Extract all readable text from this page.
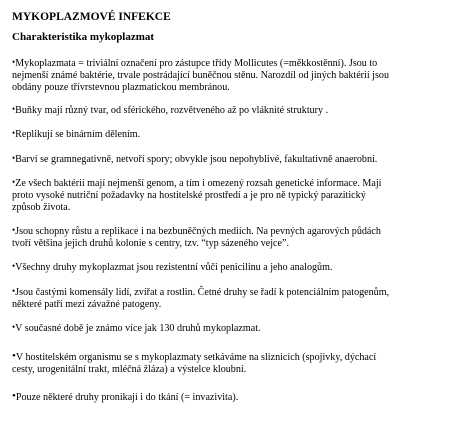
MYKOPLAZMOVÉ INFEKCE
Charakteristika mykoplazmat
•Mykoplazmata = triviální označení pro zástupce třídy Mollicutes (=měkkostěnní). Jsou to
nejmenší známé baktérie, trvale postrádající buněčnou stěnu. Narozdíl od jiných baktérií jsou
obdány pouze třívrstevnou plazmatickou membránou.
•Buňky mají různý tvar, od sférického, rozvětveného až po vláknité struktury .
•Replikují se binárním dělením.
•Barví se gramnegativně, netvoří spory; obvykle jsou nepohyblivé, fakultativně anaerobní.
•Ze všech baktérií mají nejmenší genom, a tím i omezený rozsah genetické informace. Mají
proto vysoké nutriční požadavky na hostitelské prostředí a je pro ně typický parazitický
způsob života.
•Jsou schopny růstu a replikace i na bezbuněčných mediích. Na pevných agarových půdách
tvoří většina jejich druhů kolonie s centry, tzv. “typ sázeného vejce”.
•Všechny druhy mykoplazmat jsou rezistentní vůči penicilinu a jeho analogům.
•Jsou častými komensály lidí, zvířat a rostlin. Četné druhy se řadí k potenciálním patogenům,
některé patří mezi závažné patogeny.
•V současné době je známo více jak 130 druhů mykoplazmat.
•V hostitelském organismu se s mykoplazmaty setkáváme na sliznicích (spojivky, dýchací
cesty, urogenitální trakt, mléčná žláza) a výstelce kloubní.
•Pouze některé druhy pronikají i do tkání (= invazivita).
